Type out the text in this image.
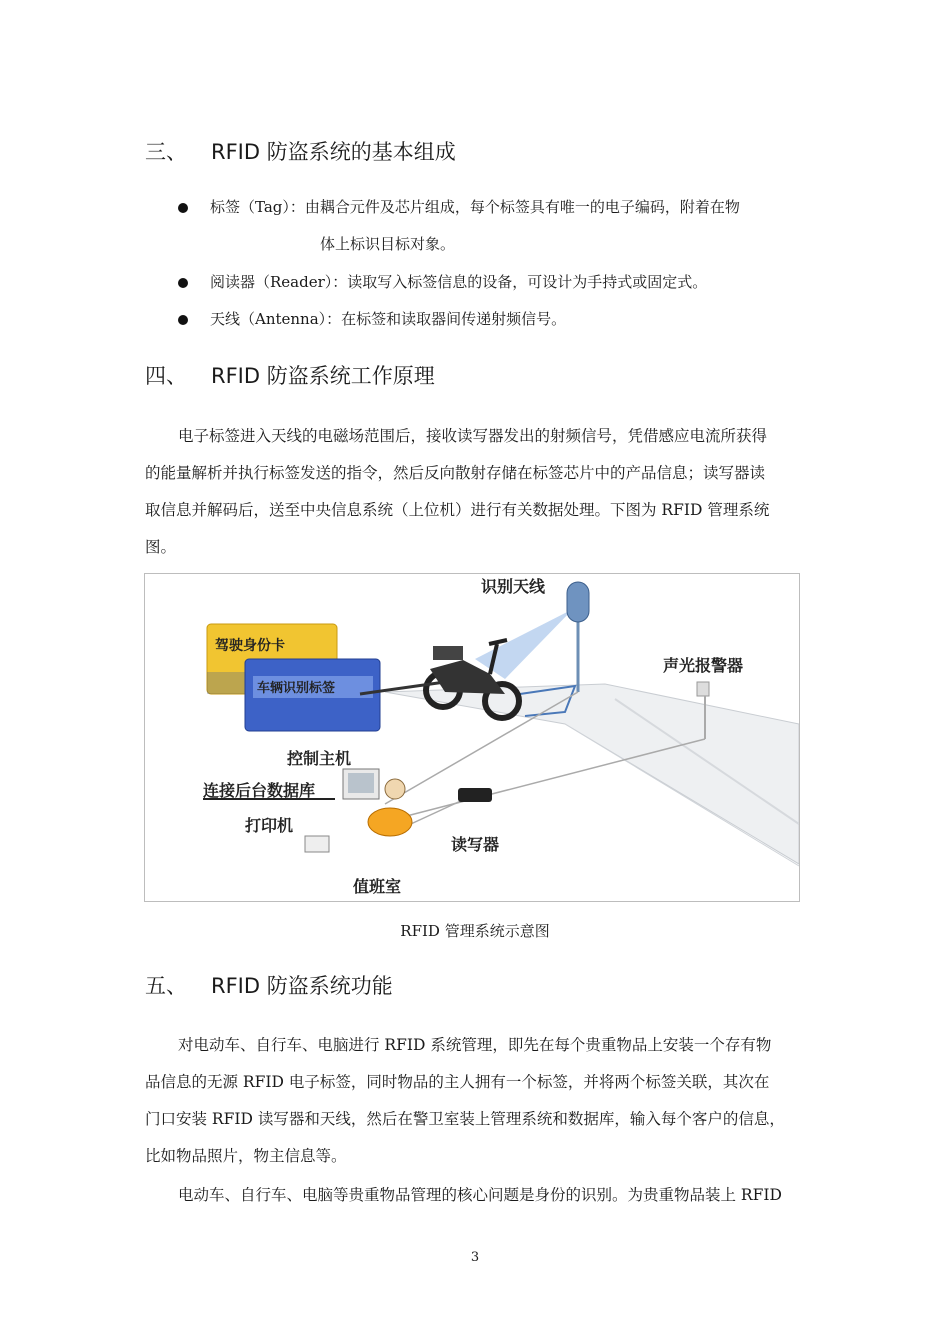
三、 RFID 防盗系统的基本组成
标签（Tag）：由耦合元件及芯片组成，每个标签具有唯一的电子编码，附着在物
体上标识目标对象。
阅读器（Reader）：读取写入标签信息的设备，可设计为手持式或固定式。
天线（Antenna）：在标签和读取器间传递射频信号。
四、 RFID 防盗系统工作原理
电子标签进入天线的电磁场范围后，接收读写器发出的射频信号，凭借感应电流所获得
的能量解析并执行标签发送的指令，然后反向散射存储在标签芯片中的产品信息；读写器读
取信息并解码后，送至中央信息系统（上位机）进行有关数据处理。下图为 RFID 管理系统
图。
识别天线
声光报警器
驾驶身份卡
车辆识别标签
控制主机
连接后台数据库
打印机
读写器
值班室
RFID 管理系统示意图
五、 RFID 防盗系统功能
对电动车、自行车、电脑进行 RFID 系统管理，即先在每个贵重物品上安装一个存有物
品信息的无源 RFID 电子标签，同时物品的主人拥有一个标签，并将两个标签关联，其次在
门口安装 RFID 读写器和天线，然后在警卫室装上管理系统和数据库，输入每个客户的信息，
比如物品照片，物主信息等。
电动车、自行车、电脑等贵重物品管理的核心问题是身份的识别。为贵重物品装上 RFID
3
